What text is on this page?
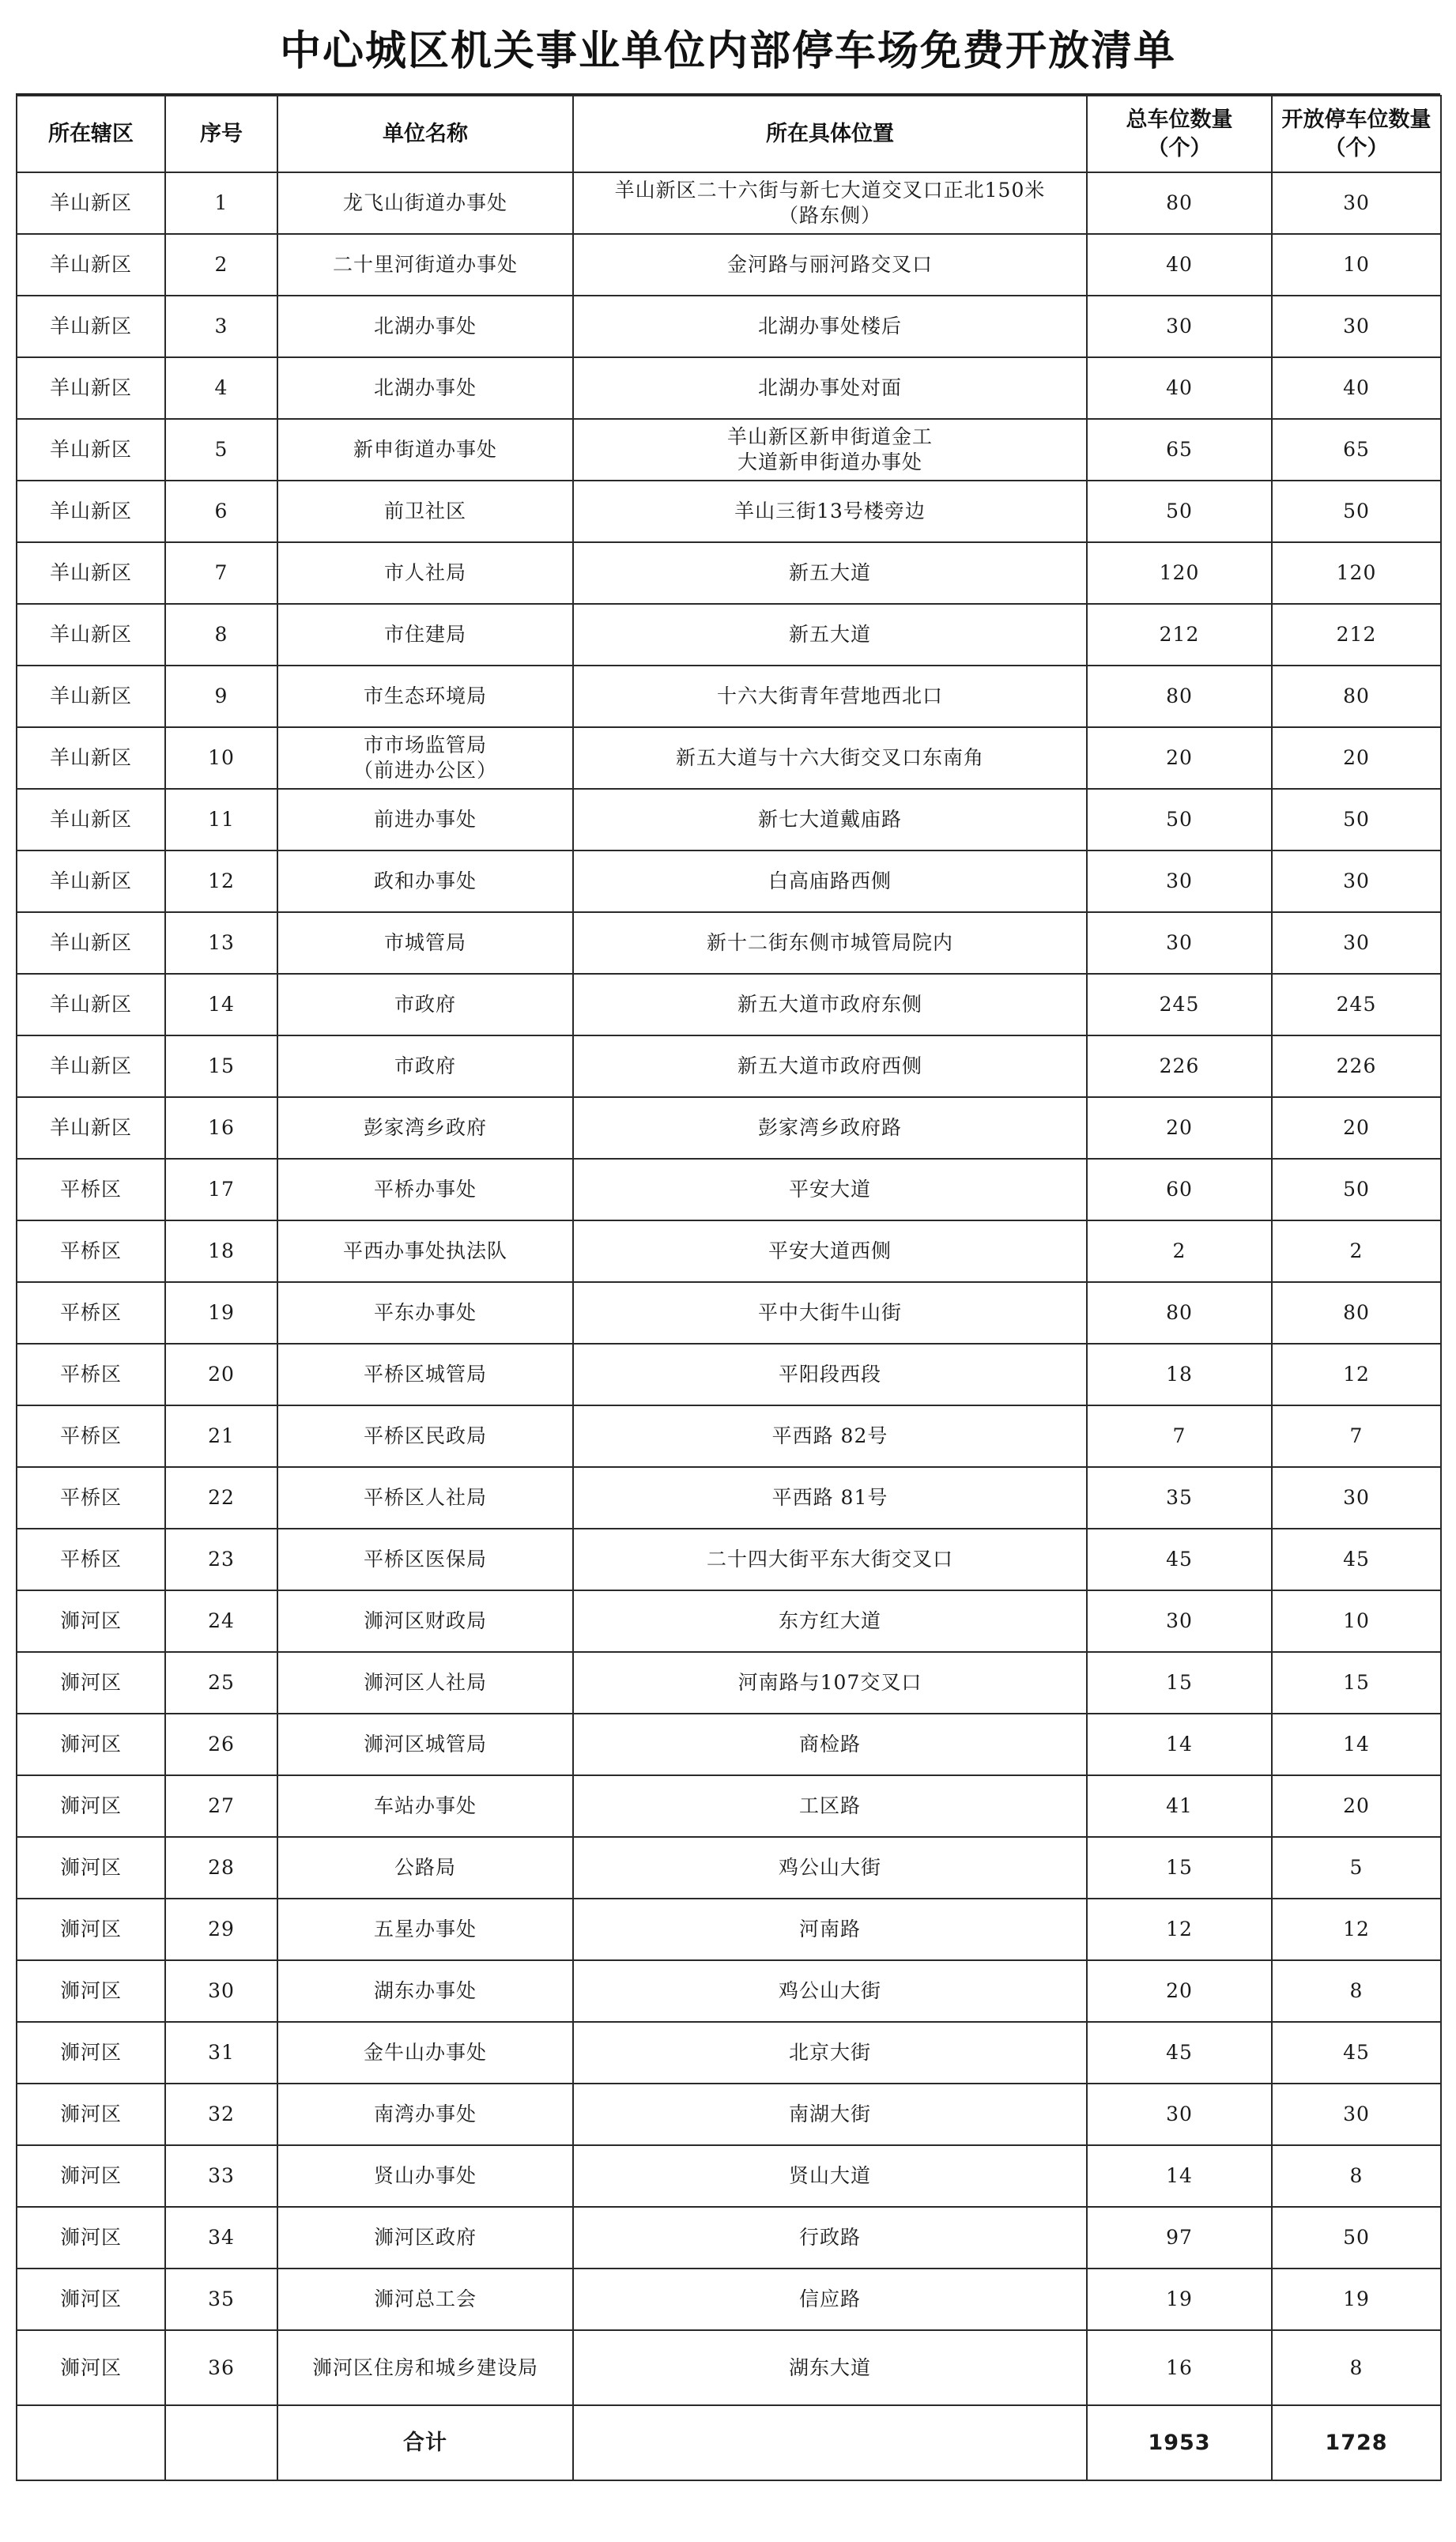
中心城区机关事业单位内部停车场免费开放清单
所在辖区	序号	单位名称	所在具体位置	总车位数量
（个）	开放停车位数量
（个）
羊山新区	1	龙飞山街道办事处	羊山新区二十六街与新七大道交叉口正北150米
（路东侧）	80	30
羊山新区	2	二十里河街道办事处	金河路与丽河路交叉口	40	10
羊山新区	3	北湖办事处	北湖办事处楼后	30	30
羊山新区	4	北湖办事处	北湖办事处对面	40	40
羊山新区	5	新申街道办事处	羊山新区新申街道金工
大道新申街道办事处	65	65
羊山新区	6	前卫社区	羊山三街13号楼旁边	50	50
羊山新区	7	市人社局	新五大道	120	120
羊山新区	8	市住建局	新五大道	212	212
羊山新区	9	市生态环境局	十六大街青年营地西北口	80	80
羊山新区	10	市市场监管局
（前进办公区）	新五大道与十六大街交叉口东南角	20	20
羊山新区	11	前进办事处	新七大道戴庙路	50	50
羊山新区	12	政和办事处	白高庙路西侧	30	30
羊山新区	13	市城管局	新十二街东侧市城管局院内	30	30
羊山新区	14	市政府	新五大道市政府东侧	245	245
羊山新区	15	市政府	新五大道市政府西侧	226	226
羊山新区	16	彭家湾乡政府	彭家湾乡政府路	20	20
平桥区	17	平桥办事处	平安大道	60	50
平桥区	18	平西办事处执法队	平安大道西侧	2	2
平桥区	19	平东办事处	平中大街牛山街	80	80
平桥区	20	平桥区城管局	平阳段西段	18	12
平桥区	21	平桥区民政局	平西路 82号	7	7
平桥区	22	平桥区人社局	平西路 81号	35	30
平桥区	23	平桥区医保局	二十四大街平东大街交叉口	45	45
浉河区	24	浉河区财政局	东方红大道	30	10
浉河区	25	浉河区人社局	河南路与107交叉口	15	15
浉河区	26	浉河区城管局	商检路	14	14
浉河区	27	车站办事处	工区路	41	20
浉河区	28	公路局	鸡公山大街	15	5
浉河区	29	五星办事处	河南路	12	12
浉河区	30	湖东办事处	鸡公山大街	20	8
浉河区	31	金牛山办事处	北京大街	45	45
浉河区	32	南湾办事处	南湖大街	30	30
浉河区	33	贤山办事处	贤山大道	14	8
浉河区	34	浉河区政府	行政路	97	50
浉河区	35	浉河总工会	信应路	19	19
浉河区	36	浉河区住房和城乡建设局	湖东大道	16	8
		合计		1953	1728
